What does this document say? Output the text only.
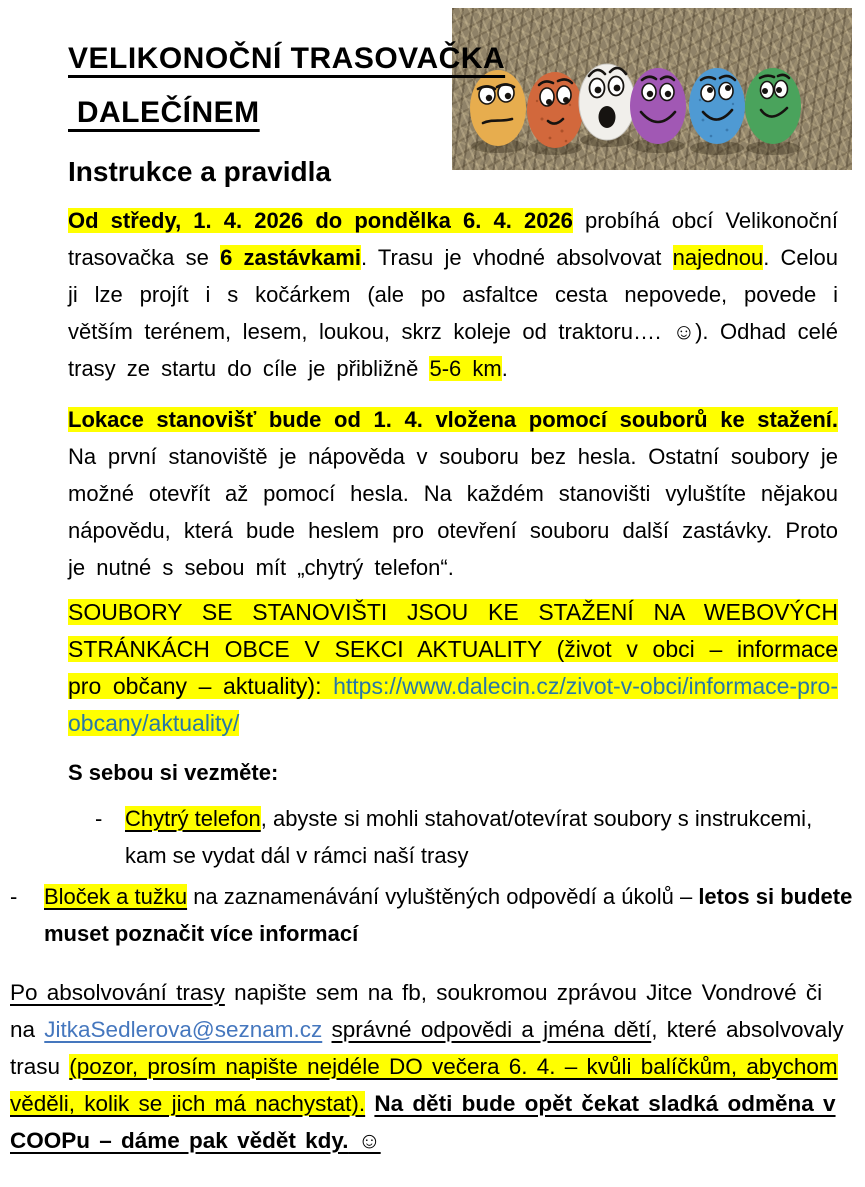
VELIKONOČNÍ TRASOVAČKA
DALEČÍNEM
Instrukce a pravidla

Od středy, 1. 4. 2026 do pondělka 6. 4. 2026 probíhá obcí Velikonoční trasovačka se 6 zastávkami. Trasu je vhodné absolvovat najednou. Celou ji lze projít i s kočárkem (ale po asfaltce cesta nepovede, povede i větším terénem, lesem, loukou, skrz koleje od traktoru…. ☺). Odhad celé trasy ze startu do cíle je přibližně 5-6 km.

Lokace stanovišť bude od 1. 4. vložena pomocí souborů ke stažení. Na první stanoviště je nápověda v souboru bez hesla. Ostatní soubory je možné otevřít až pomocí hesla. Na každém stanovišti vyluštíte nějakou nápovědu, která bude heslem pro otevření souboru další zastávky. Proto je nutné s sebou mít „chytrý telefon“.

SOUBORY SE STANOVIŠTI JSOU KE STAŽENÍ NA WEBOVÝCH STRÁNKÁCH OBCE V SEKCI AKTUALITY (život v obci – informace pro občany – aktuality): https://www.dalecin.cz/zivot-v-obci/informace-pro-obcany/aktuality/

S sebou si vezměte:
-	Chytrý telefon, abyste si mohli stahovat/otevírat soubory s instrukcemi, kam se vydat dál v rámci naší trasy
-	Bloček a tužku na zaznamenávání vyluštěných odpovědí a úkolů – letos si budete muset poznačit více informací

Po absolvování trasy napište sem na fb, soukromou zprávou Jitce Vondrové či na JitkaSedlerova@seznam.cz správné odpovědi a jména dětí, které absolvovaly trasu (pozor, prosím napište nejdéle DO večera 6. 4. – kvůli balíčkům, abychom věděli, kolik se jich má nachystat). Na děti bude opět čekat sladká odměna v COOPu – dáme pak vědět kdy. ☺
